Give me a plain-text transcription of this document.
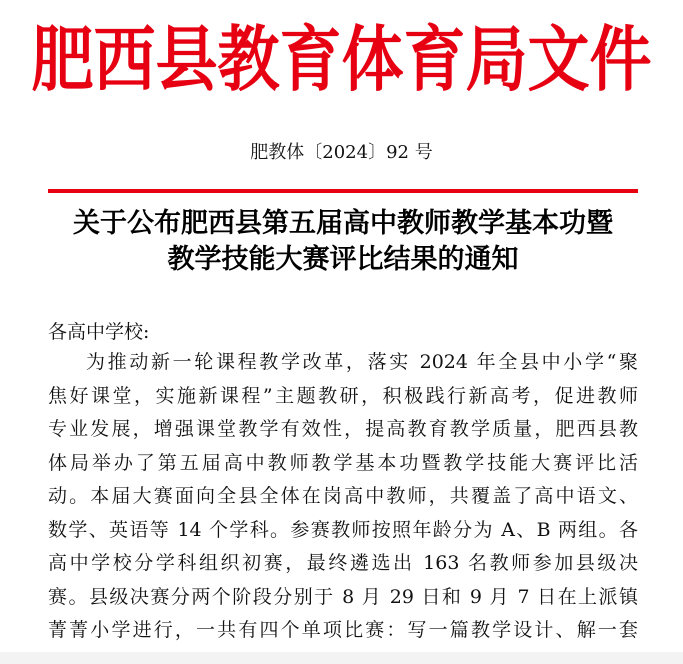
肥西县教育体育局文件
肥教体〔2024〕92 号
关于公布肥西县第五届高中教师教学基本功暨
教学技能大赛评比结果的通知
各高中学校:
为推动新一轮课程教学改革，落实 2024 年全县中小学“聚
焦好课堂，实施新课程”主题教研，积极践行新高考，促进教师
专业发展，增强课堂教学有效性，提高教育教学质量，肥西县教
体局举办了第五届高中教师教学基本功暨教学技能大赛评比活
动。本届大赛面向全县全体在岗高中教师，共覆盖了高中语文、
数学、英语等 14 个学科。参赛教师按照年龄分为 A、B 两组。各
高中学校分学科组织初赛，最终遴选出 163 名教师参加县级决
赛。县级决赛分两个阶段分别于 8 月 29 日和 9 月 7 日在上派镇
菁菁小学进行，一共有四个单项比赛：写一篇教学设计、解一套
